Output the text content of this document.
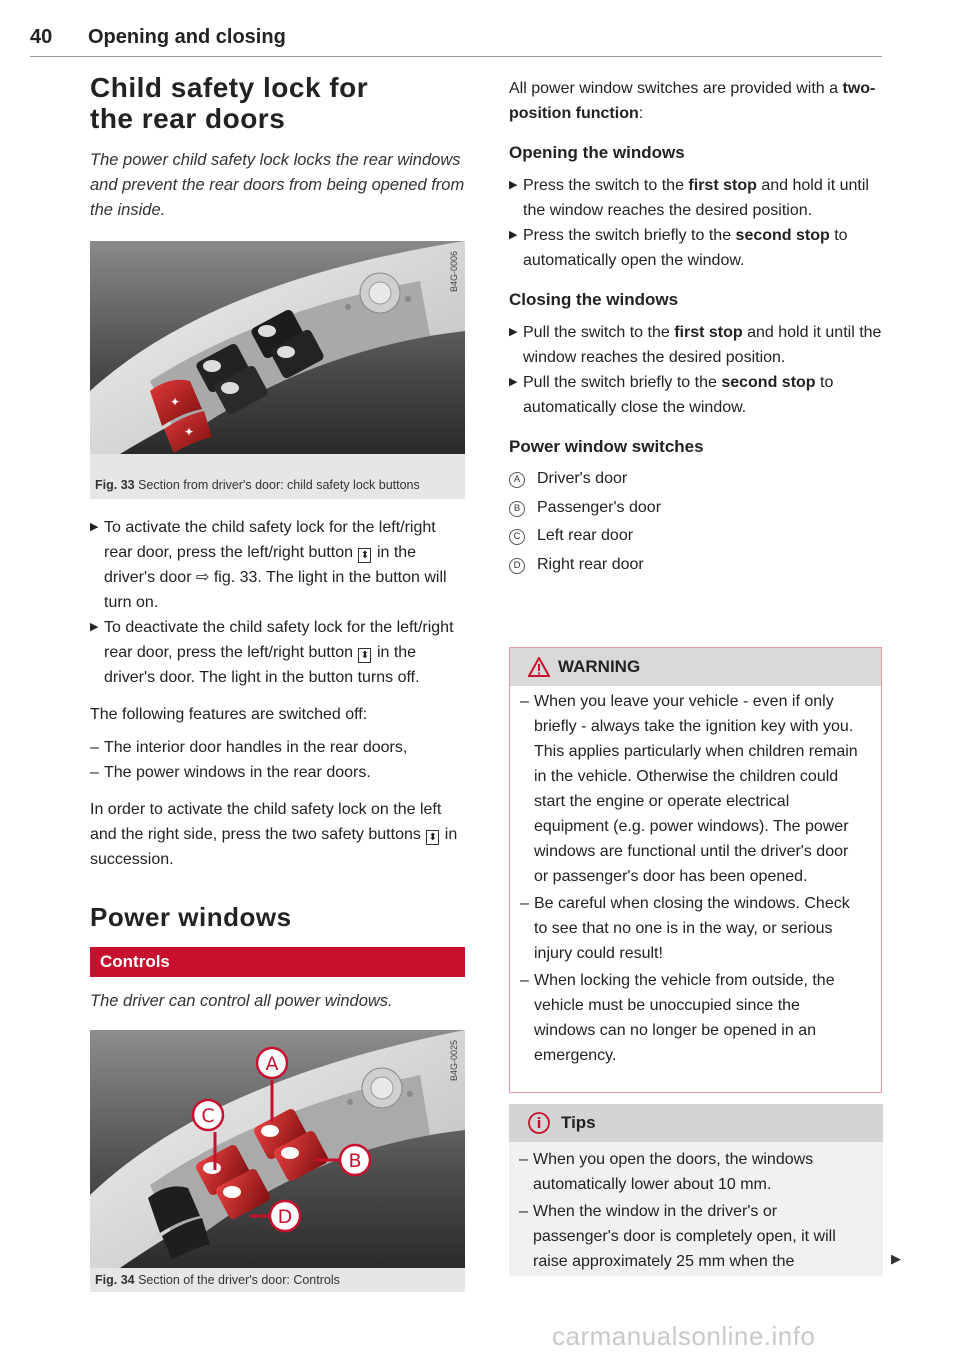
40 Opening and closing
Child safety lock for
the rear doors
The power child safety lock locks the rear windows and prevent the rear doors from being opened from the inside.
✦
✦
B4G-0006
Fig. 33 Section from driver's door: child safety lock buttons
▶ To activate the child safety lock for the left/right rear door, press the left/right button ⬍ in the driver's door ⇨ fig. 33. The light in the button will turn on.
▶ To deactivate the child safety lock for the left/right rear door, press the left/right button ⬍ in the driver's door. The light in the button turns off.
The following features are switched off:
– The interior door handles in the rear doors,
– The power windows in the rear doors.
In order to activate the child safety lock on the left and the right side, press the two safety buttons ⬍ in succession.
Power windows
Controls
The driver can control all power windows.
A
C
B
D
B4G-0025
Fig. 34 Section of the driver's door: Controls
All power window switches are provided with a two-position function:
Opening the windows
▶ Press the switch to the first stop and hold it until the window reaches the desired position.
▶ Press the switch briefly to the second stop to automatically open the window.
Closing the windows
▶ Pull the switch to the first stop and hold it until the window reaches the desired position.
▶ Pull the switch briefly to the second stop to automatically close the window.
Power window switches
A Driver's door
B Passenger's door
C Left rear door
D Right rear door
WARNING
– When you leave your vehicle - even if only briefly - always take the ignition key with you. This applies particularly when children remain in the vehicle. Otherwise the children could start the engine or operate electrical equipment (e.g. power windows). The power windows are functional until the driver's door or passenger's door has been opened.
– Be careful when closing the windows. Check to see that no one is in the way, or serious injury could result!
– When locking the vehicle from outside, the vehicle must be unoccupied since the windows can no longer be opened in an emergency.
i Tips
– When you open the doors, the windows automatically lower about 10 mm.
– When the window in the driver's or passenger's door is completely open, it will raise approximately 25 mm when the	▶
carmanualsonline.info
